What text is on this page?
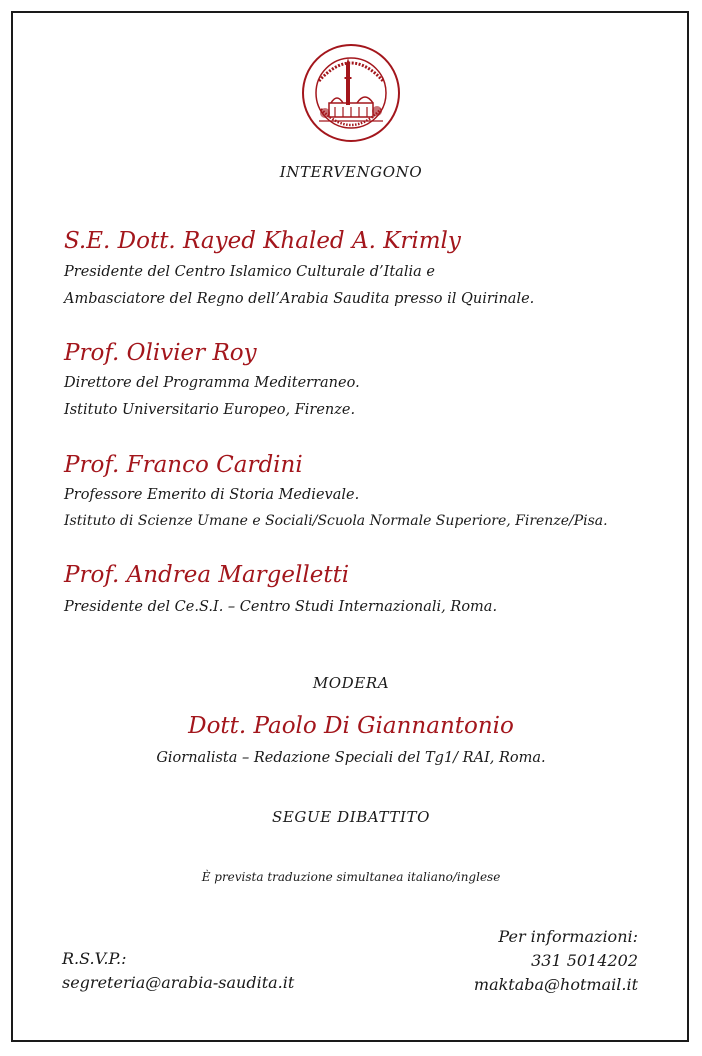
INTERVENGONO
S.E. Dott. Rayed Khaled A. Krimly
Presidente del Centro Islamico Culturale d’Italia e
Ambasciatore del Regno dell’Arabia Saudita presso il Quirinale.
Prof. Olivier Roy
Direttore del Programma Mediterraneo.
Istituto Universitario Europeo, Firenze.
Prof. Franco Cardini
Professore Emerito di Storia Medievale.
Istituto di Scienze Umane e Sociali/Scuola Normale Superiore, Firenze/Pisa.
Prof. Andrea Margelletti
Presidente del Ce.S.I. – Centro Studi Internazionali, Roma.
MODERA
Dott. Paolo Di Giannantonio
Giornalista – Redazione Speciali del Tg1/ RAI, Roma.
SEGUE DIBATTITO
È prevista traduzione simultanea italiano/inglese
R.S.V.P.:
segreteria@arabia-saudita.it
Per informazioni:
331 5014202
maktaba@hotmail.it
